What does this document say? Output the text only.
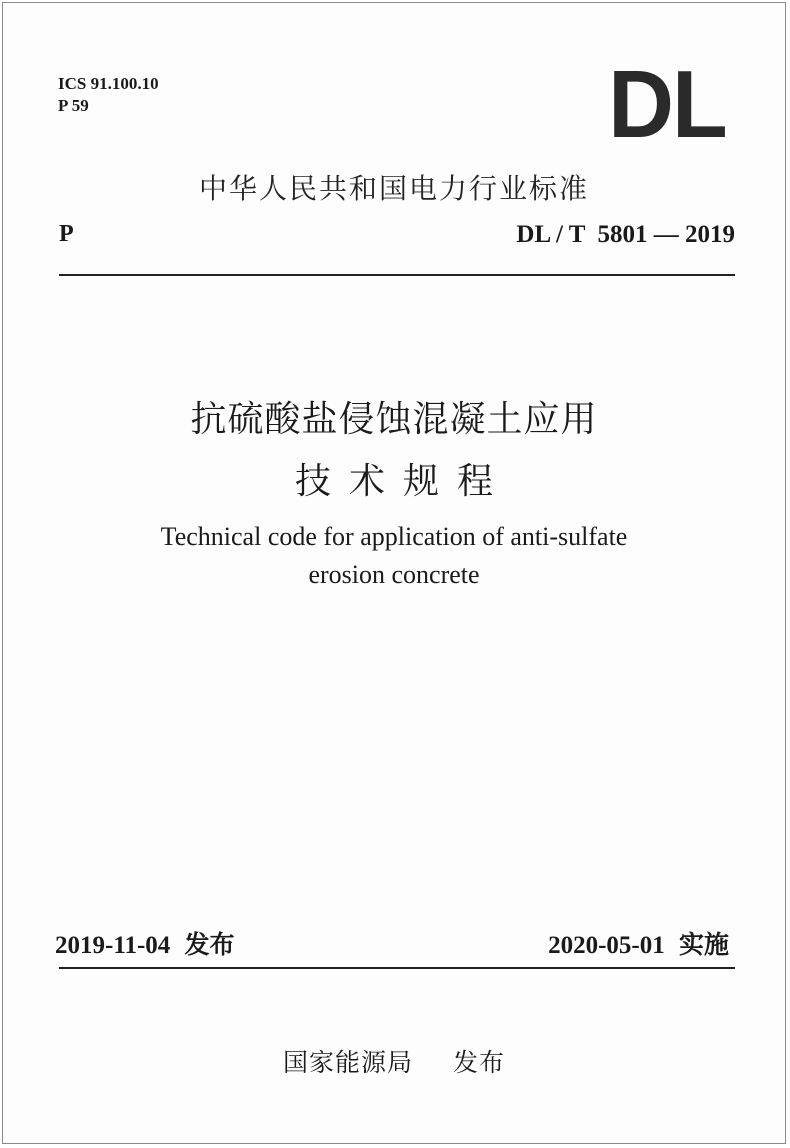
ICS 91.100.10
P 59	DL
中华人民共和国电力行业标准
P	DL / T  5801 — 2019
抗硫酸盐侵蚀混凝土应用
技术规程
Technical code for application of anti-sulfate
erosion concrete
2019-11-04 发布	2020-05-01 实施
国家能源局 发布
